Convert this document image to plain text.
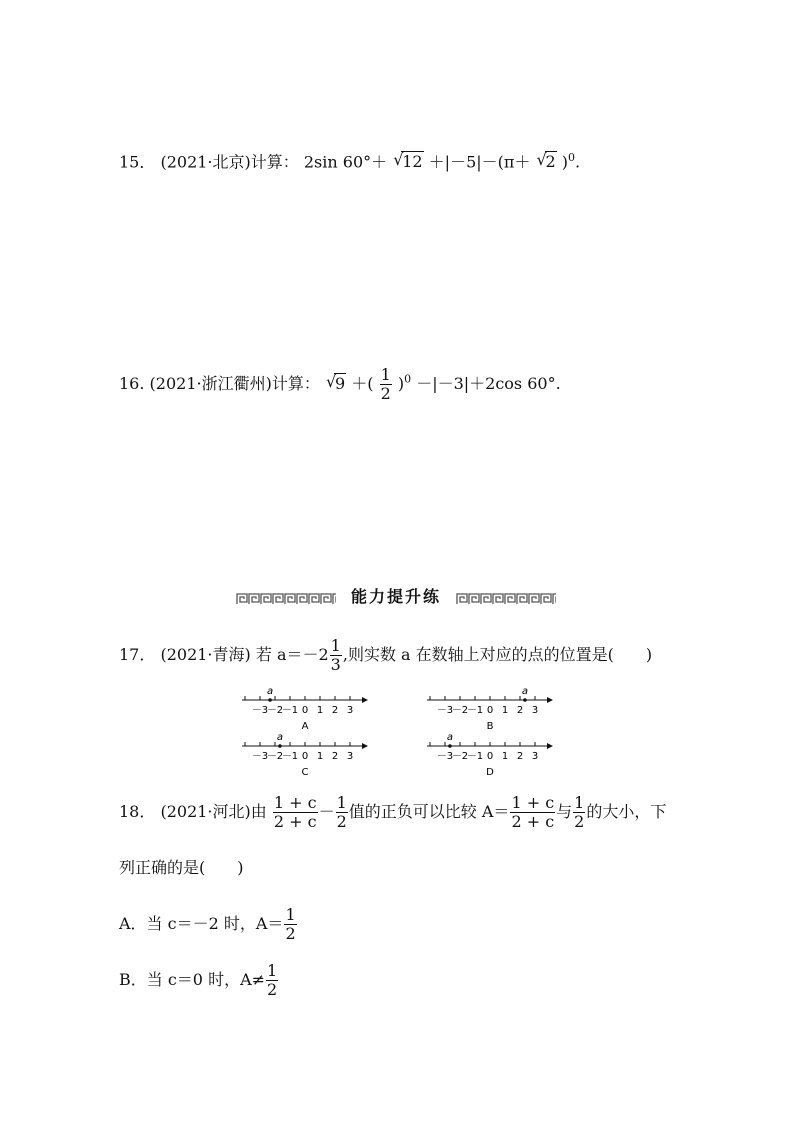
15． (2021·北京)计算： 2sin 60°＋ √
12 ＋|－5|－(π＋ √
2 )$^0$.
16. (2021·浙江衢州)计算： √
9 ＋( $\frac{1}{2} )^0 -|-3|+2\cos$ 60°.
能力提升练
17． (2021·青海) 若 $a=-2 \frac{1}{3}$ ,则实数 a 在数轴上对应的点的位置是(　　)
－3
－2
－1 0 1 2 3
a
A
－3
－2
－1 0 1 2 3
a
B
－3
－2
－1 0 1 2 3
a
C
－3
－2
－1 0 1 2 3
a
D
18． (2021·河北)由 $\frac{1 + c}{2 + c} - \frac{1}{2}$ 值的正负可以比较 $A= \frac{1 + c}{2 + c}$ 与 $\frac{1}{2}$ 的大小，下
列正确的是(　　)
A．当 c＝－2 时，$A= \frac{1}{2}$
B．当 c＝0 时，$A\ne \frac{1}{2}$
